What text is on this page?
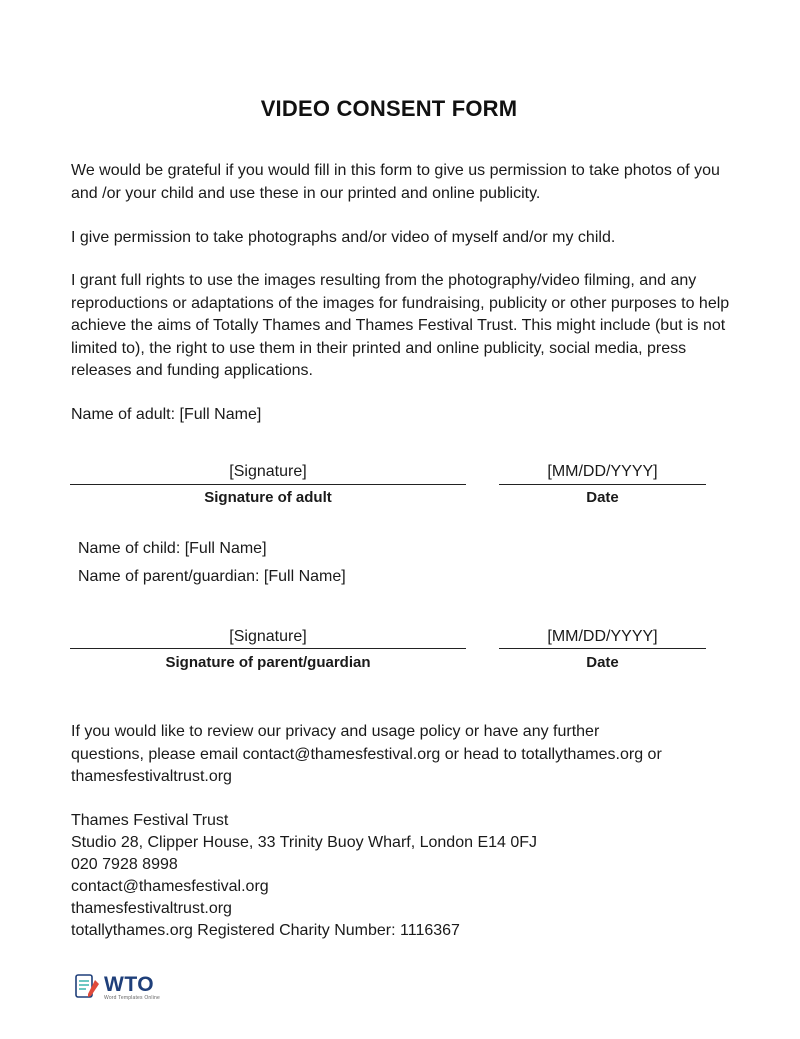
VIDEO CONSENT FORM

We would be grateful if you would fill in this form to give us permission to take photos of you and /or your child and use these in our printed and online publicity.

I give permission to take photographs and/or video of myself and/or my child.

I grant full rights to use the images resulting from the photography/video filming, and any reproductions or adaptations of the images for fundraising, publicity or other purposes to help achieve the aims of Totally Thames and Thames Festival Trust. This might include (but is not limited to), the right to use them in their printed and online publicity, social media, press releases and funding applications.

Name of adult: [Full Name]

[Signature]
Signature of adult
[MM/DD/YYYY]
Date

Name of child: [Full Name]

Name of parent/guardian: [Full Name]

[Signature]
Signature of parent/guardian
[MM/DD/YYYY]
Date

If you would like to review our privacy and usage policy or have any further questions, please email contact@thamesfestival.org or head to totallythames.org or thamesfestivaltrust.org

Thames Festival Trust

Studio 28, Clipper House, 33 Trinity Buoy Wharf, London E14 0FJ

020 7928 8998

contact@thamesfestival.org

thamesfestivaltrust.org

totallythames.org Registered Charity Number: 1116367

WTO
Word Templates Online
